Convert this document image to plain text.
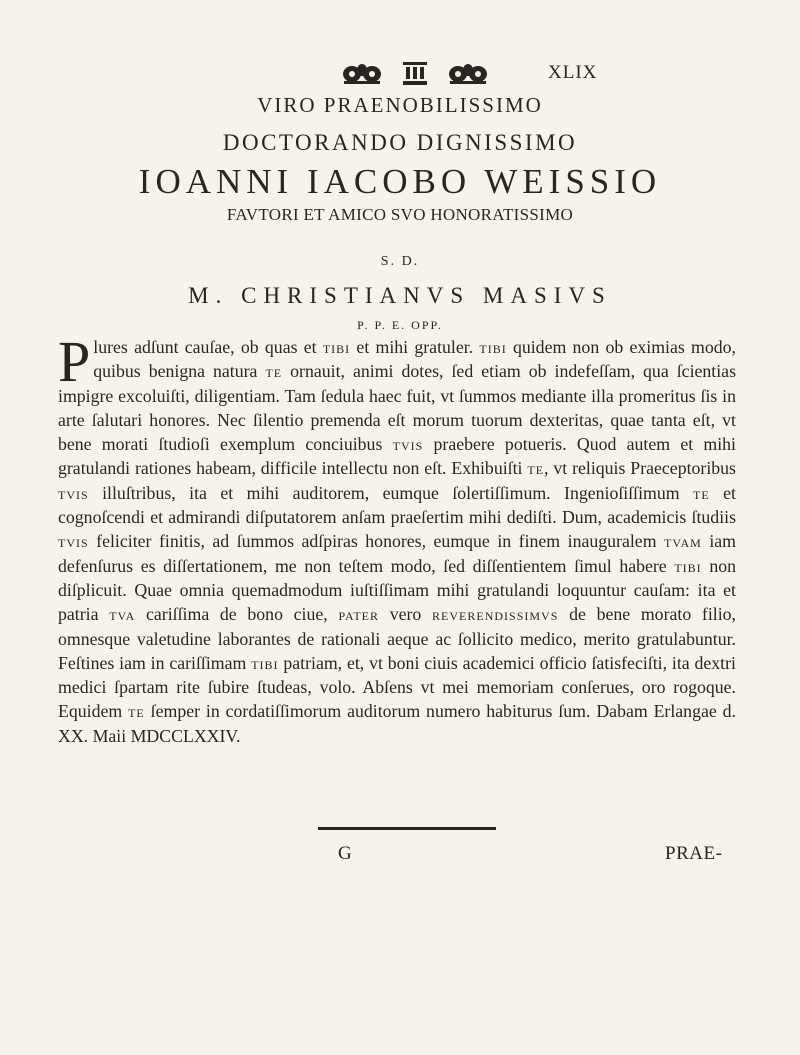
XLIX
VIRO PRAENOBILISSIMO
DOCTORANDO DIGNISSIMO
IOANNI IACOBO WEISSIO
FAVTORI ET AMICO SVO HONORATISSIMO
S. D.
M. CHRISTIANVS MASIVS
P. P. E. OPP.
Plures adſunt cauſae, ob quas et tibi et mihi gratuler. tibi quidem non ob eximias modo, quibus benigna natura te ornauit, animi dotes, ſed etiam ob indefeſſam, qua ſcientias impigre excoluiſti, diligentiam. Tam ſedula haec fuit, vt ſummos mediante illa promeritus ſis in arte ſalutari honores. Nec ſilentio premenda eſt morum tuorum dexteritas, quae tanta eſt, vt bene morati ſtudioſi exemplum conciuibus tvis praebere potueris. Quod autem et mihi gratulandi rationes habeam, difficile intellectu non eſt. Exhibuiſti te, vt reliquis Praeceptoribus tvis illuſtribus, ita et mihi auditorem, eumque ſolertiſſimum. Ingenioſiſſimum te et cognoſcendi et admirandi diſputatorem anſam praeſertim mihi dediſti. Dum, academicis ſtudiis tvis feliciter finitis, ad ſummos adſpiras honores, eumque in finem inauguralem tvam iam defenſurus es diſſertationem, me non teſtem modo, ſed diſſentientem ſimul habere tibi non diſplicuit. Quae omnia quemadmodum iuſtiſſimam mihi gratulandi loquuntur cauſam: ita et patria tva cariſſima de bono ciue, pater vero reverendissimvs de bene morato filio, omnesque valetudine laborantes de rationali aeque ac ſollicito medico, merito gratulabuntur. Feſtines iam in cariſſimam tibi patriam, et, vt boni ciuis academici officio ſatisfeciſti, ita dextri medici ſpartam rite ſubire ſtudeas, volo. Abſens vt mei memoriam conſerues, oro rogoque. Equidem te ſemper in cordatiſſimorum auditorum numero habiturus ſum. Dabam Erlangae d. XX. Maii MDCCLXXIV.
G	PRAE-
